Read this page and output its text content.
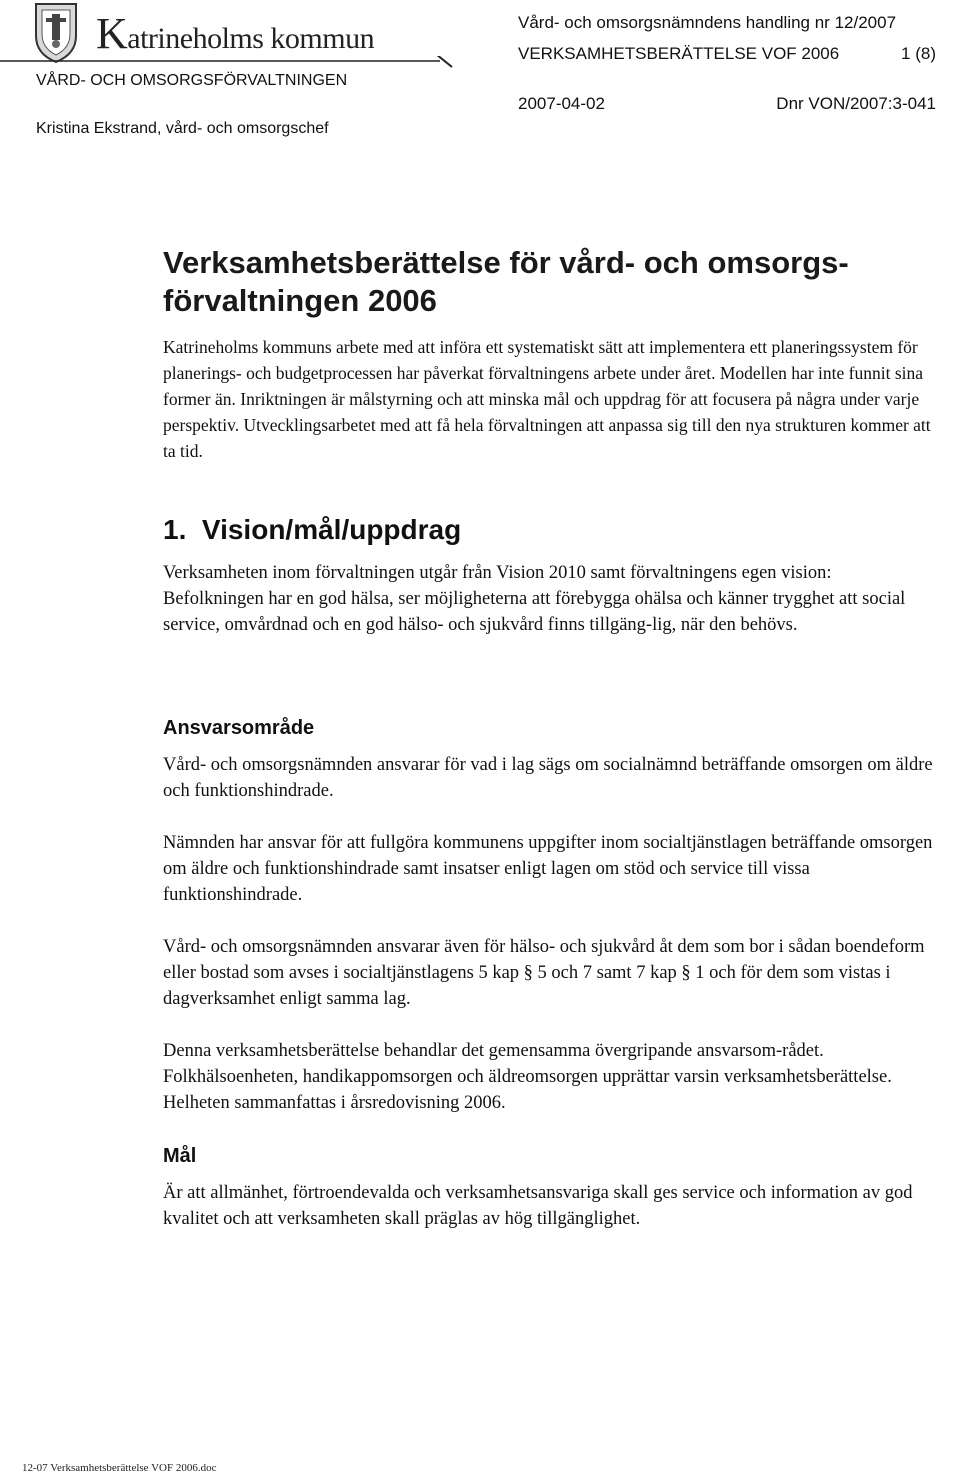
Katrineholms kommun
VÅRD- OCH OMSORGSFÖRVALTNINGEN
Kristina Ekstrand, vård- och omsorgschef
Vård- och omsorgsnämndens handling nr 12/2007
VERKSAMHETSBERÄTTELSE VOF 2006	1 (8)
2007-04-02	Dnr VON/2007:3-041
Verksamhetsberättelse för vård- och omsorgs-
förvaltningen 2006

Katrineholms kommuns arbete med att införa ett systematiskt sätt att implementera ett planeringssystem för planerings- och budgetprocessen har påverkat förvaltningens arbete under året. Modellen har inte funnit sina former än. Inriktningen är målstyrning och att minska mål och uppdrag för att focusera på några under varje perspektiv. Utvecklingsarbetet med att få hela förvaltningen att anpassa sig till den nya strukturen kommer att ta tid.

1.  Vision/mål/uppdrag

Verksamheten inom förvaltningen utgår från Vision 2010 samt förvaltningens egen vision:

Befolkningen har en god hälsa, ser möjligheterna att förebygga ohälsa och känner trygghet att social service, omvårdnad och en god hälso- och sjukvård finns tillgäng-lig, när den behövs.

Ansvarsområde

Vård- och omsorgsnämnden ansvarar för vad i lag sägs om socialnämnd beträffande omsorgen om äldre och funktionshindrade.

Nämnden har ansvar för att fullgöra kommunens uppgifter inom socialtjänstlagen beträffande omsorgen om äldre och funktionshindrade samt insatser enligt lagen om stöd och service till vissa funktionshindrade.

Vård- och omsorgsnämnden ansvarar även för hälso- och sjukvård åt dem som bor i sådan boendeform eller bostad som avses i socialtjänstlagens 5 kap § 5 och 7 samt 7 kap § 1 och för dem som vistas i dagverksamhet enligt samma lag.

Denna verksamhetsberättelse behandlar det gemensamma övergripande ansvarsom-rådet. Folkhälsoenheten, handikappomsorgen och äldreomsorgen upprättar varsin verksamhetsberättelse. Helheten sammanfattas i årsredovisning 2006.

Mål

Är att allmänhet, förtroendevalda och verksamhetsansvariga skall ges service och information av god kvalitet och att verksamheten skall präglas av hög tillgänglighet.

12-07 Verksamhetsberättelse VOF 2006.doc
